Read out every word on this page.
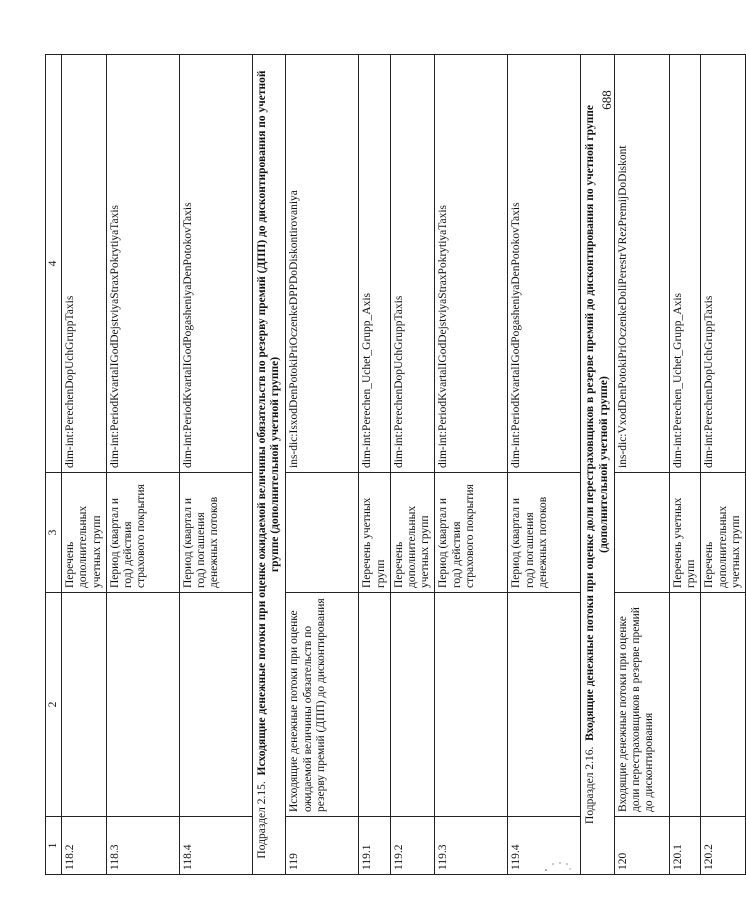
688
1	2	3	4
118.2		Перечень дополнительных учетных групп	dim-int:PerechenDopUchGruppTaxis
118.3		Период (квартал и год) действия страхового покрытия	dim-int:PeriodKvartalIGodDejstviyaStraxPokrytiyaTaxis
118.4		Период (квартал и год) погашения денежных потоков	dim-int:PeriodKvartalIGodPogasheniyaDenPotokovTaxis
Подраздел 2.15.  Исходящие денежные потоки при оценке ожидаемой величины обязательств по резерву премий (ДПП) до дисконтирования по учетной группе (дополнительной учетной группе)			
119	Исходящие денежные потоки при оценке ожидаемой величины обязательств по резерву премий (ДПП) до дисконтирования		ins-dic:IsxodDenPotokiPriOczenkeDPPDoDiskontirovaniya
119.1		Перечень учетных групп	dim-int:Perechen_Uchet_Grupp_Axis
119.2		Перечень дополнительных учетных групп	dim-int:PerechenDopUchGruppTaxis
119.3		Период (квартал и год) действия страхового покрытия	dim-int:PeriodKvartalIGodDejstviyaStraxPokrytiyaTaxis
119.4		Период (квартал и год) погашения денежных потоков	dim-int:PeriodKvartalIGodPogasheniyaDenPotokovTaxis
Подраздел 2.16.  Входящие денежные потоки при оценке доли перестраховщиков в резерве премий до дисконтирования по учетной группе (дополнительной учетной группе)			
120	Входящие денежные потоки при оценке доли перестраховщиков в резерве премий до дисконтирования		ins-dic:VxodDenPotokiPriOczenkeDoliPerestrVRezPremijDoDiskont
120.1		Перечень учетных групп	dim-int:Perechen_Uchet_Grupp_Axis
120.2		Перечень дополнительных учетных групп	dim-int:PerechenDopUchGruppTaxis
